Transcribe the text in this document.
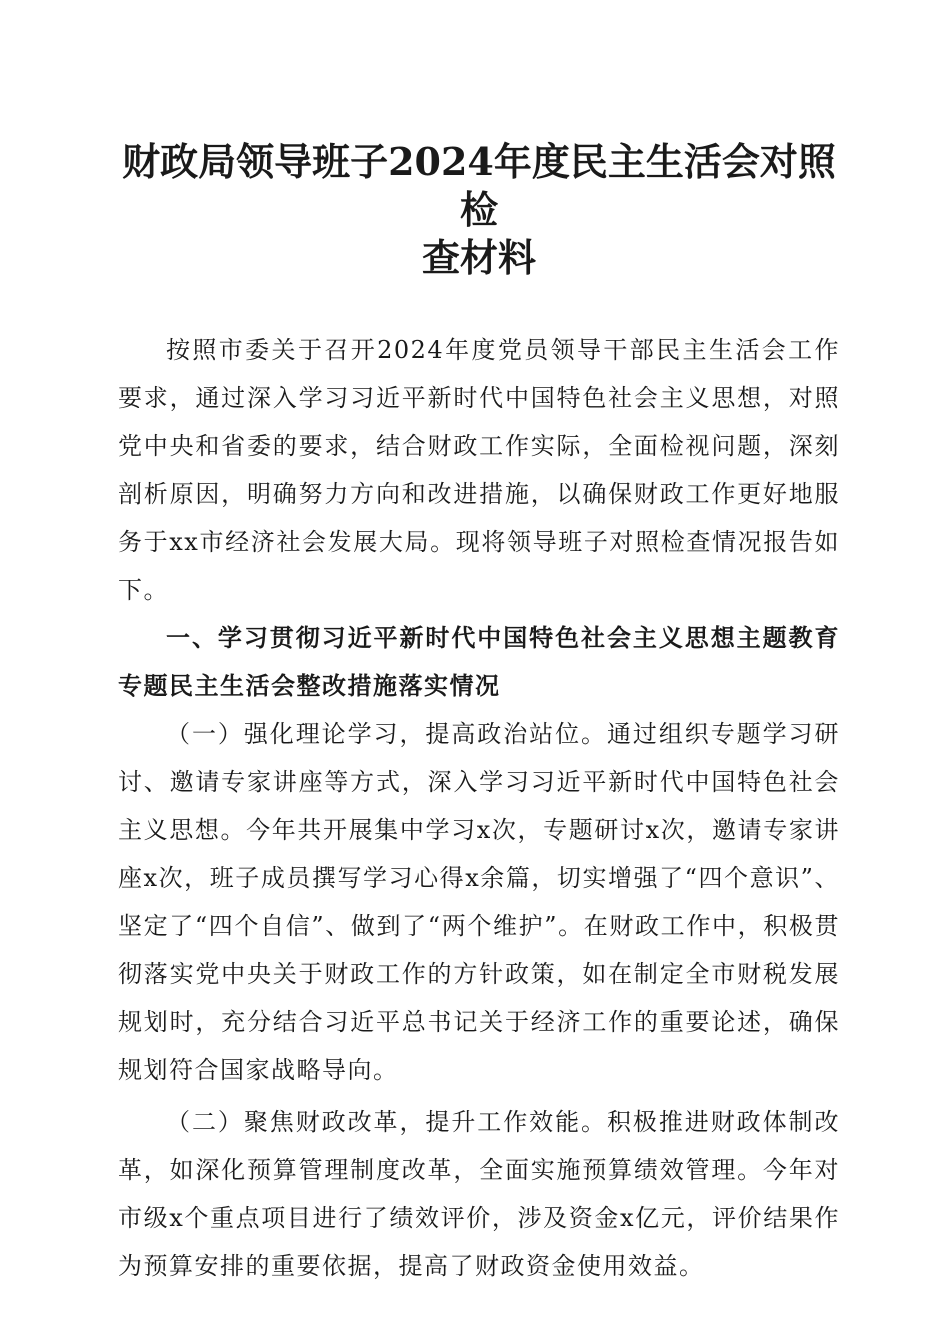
财政局领导班子2024年度民主生活会对照检
查材料

按照市委关于召开2024年度党员领导干部民主生活会工作要求，通过深入学习习近平新时代中国特色社会主义思想，对照党中央和省委的要求，结合财政工作实际，全面检视问题，深刻剖析原因，明确努力方向和改进措施，以确保财政工作更好地服务于xx市经济社会发展大局。现将领导班子对照检查情况报告如下。

一、学习贯彻习近平新时代中国特色社会主义思想主题教育专题民主生活会整改措施落实情况

（一）强化理论学习，提高政治站位。通过组织专题学习研讨、邀请专家讲座等方式，深入学习习近平新时代中国特色社会主义思想。今年共开展集中学习x次，专题研讨x次，邀请专家讲座x次，班子成员撰写学习心得x余篇，切实增强了“四个意识”、坚定了“四个自信”、做到了“两个维护”。在财政工作中，积极贯彻落实党中央关于财政工作的方针政策，如在制定全市财税发展规划时，充分结合习近平总书记关于经济工作的重要论述，确保规划符合国家战略导向。

（二）聚焦财政改革，提升工作效能。积极推进财政体制改革，如深化预算管理制度改革，全面实施预算绩效管理。今年对市级x个重点项目进行了绩效评价，涉及资金x亿元，评价结果作为预算安排的重要依据，提高了财政资金使用效益。
